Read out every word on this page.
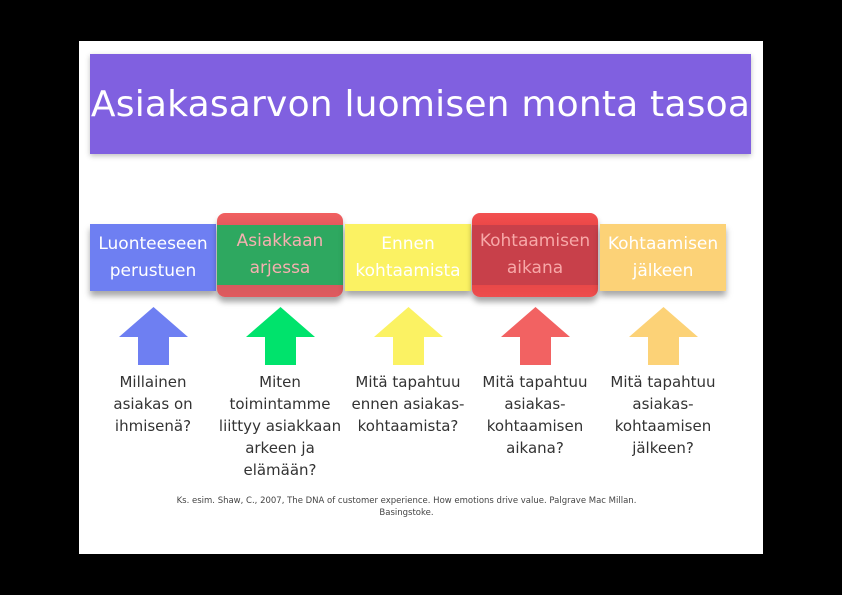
Asiakasarvon luomisen monta tasoa
Luonteeseen
perustuen
Millainen
asiakas on
ihmisenä?
Asiakkaan
arjessa
Miten
toimintamme
liittyy asiakkaan
arkeen ja
elämään?
Ennen
kohtaamista
Mitä tapahtuu
ennen asiakas-
kohtaamista?
Kohtaamisen
aikana
Mitä tapahtuu
asiakas-
kohtaamisen
aikana?
Kohtaamisen
jälkeen
Mitä tapahtuu
asiakas-
kohtaamisen
jälkeen?
Ks. esim. Shaw, C., 2007, The DNA of customer experience. How emotions drive value. Palgrave Mac Millan.
Basingstoke.
